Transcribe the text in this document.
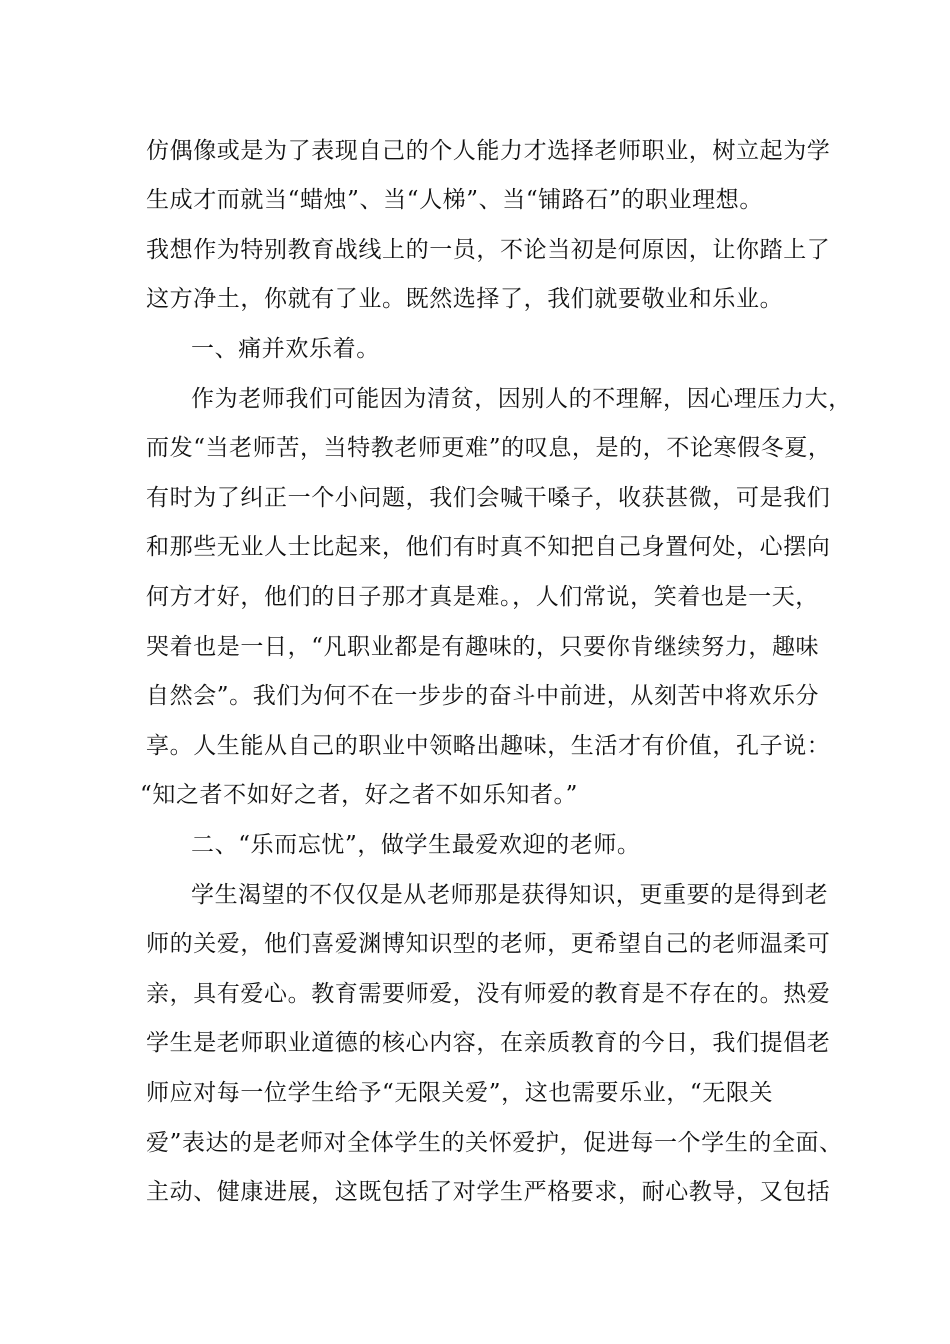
仿偶像或是为了表现自己的个人能力才选择老师职业，树立起为学
生成才而就当“蜡烛”、当“人梯”、当“铺路石”的职业理想。
我想作为特别教育战线上的一员，不论当初是何原因，让你踏上了
这方净土，你就有了业。既然选择了，我们就要敬业和乐业。
一、痛并欢乐着。
作为老师我们可能因为清贫，因别人的不理解，因心理压力大，
而发“当老师苦，当特教老师更难”的叹息，是的，不论寒假冬夏，
有时为了纠正一个小问题，我们会喊干嗓子，收获甚微，可是我们
和那些无业人士比起来，他们有时真不知把自己身置何处，心摆向
何方才好，他们的日子那才真是难。，人们常说，笑着也是一天，
哭着也是一日，“凡职业都是有趣味的，只要你肯继续努力，趣味
自然会”。我们为何不在一步步的奋斗中前进，从刻苦中将欢乐分
享。人生能从自己的职业中领略出趣味，生活才有价值，孔子说：
“知之者不如好之者，好之者不如乐知者。”
二、“乐而忘忧”，做学生最爱欢迎的老师。
学生渴望的不仅仅是从老师那是获得知识，更重要的是得到老
师的关爱，他们喜爱渊博知识型的老师，更希望自己的老师温柔可
亲，具有爱心。教育需要师爱，没有师爱的教育是不存在的。热爱
学生是老师职业道德的核心内容，在亲质教育的今日，我们提倡老
师应对每一位学生给予“无限关爱”，这也需要乐业，“无限关
爱”表达的是老师对全体学生的关怀爱护，促进每一个学生的全面、
主动、健康进展，这既包括了对学生严格要求，耐心教导，又包括
